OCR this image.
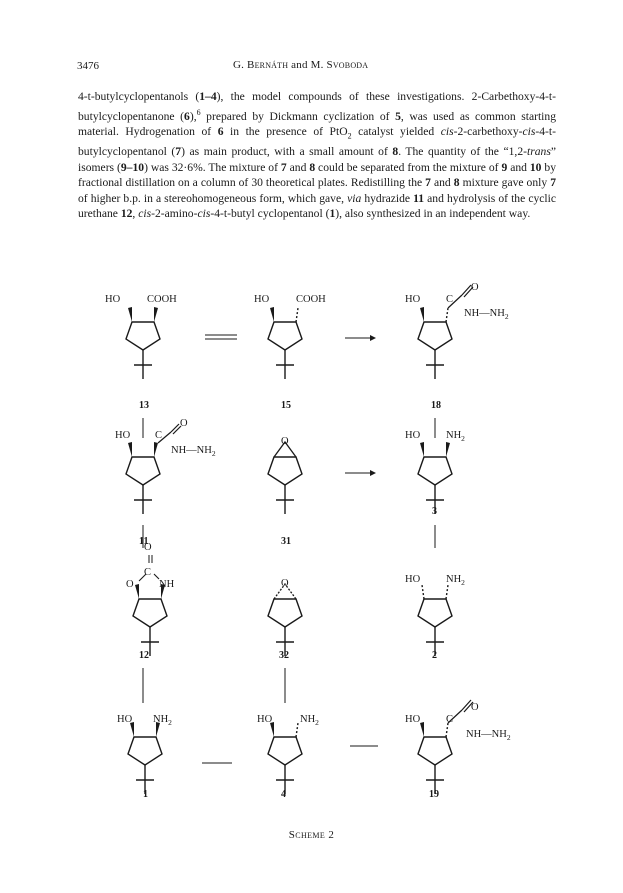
3476	G. Bernáth and M. Svoboda

4-t-butylcyclopentanols (1–4), the model compounds of these investigations. 2-Carbethoxy-4-t-butylcyclopentanone (6),$^6$ prepared by Dickmann cyclization of 5, was used as common starting material. Hydrogenation of 6 in the presence of PtO$_2$ catalyst yielded cis-2-carbethoxy-cis-4-t-butylcyclopentanol (7) as main product, with a small amount of 8. The quantity of the “1,2-trans” isomers (9–10) was 32·6%. The mixture of 7 and 8 could be separated from the mixture of 9 and 10 by fractional distillation on a column of 30 theoretical plates. Redistilling the 7 and 8 mixture gave only 7 of higher b.p. in a stereohomogeneous form, which gave, via hydrazide 11 and hydrolysis of the cyclic urethane 12, cis-2-amino-cis-4-t-butyl cyclopentanol (1), also synthesized in an independent way.

HO	COOH
13
HO	COOH
15
HO C
O
$NH—NH_2$
18
HO C
O
$NH—NH_2$
11
O
31
HO $NH_2$
3
O
C
O NH
12
O
32
HO $NH_2$
2
HO $NH_2$
1
HO	$NH_2$
4
HO C
O
$NH—NH_2$
19
Scheme 2
